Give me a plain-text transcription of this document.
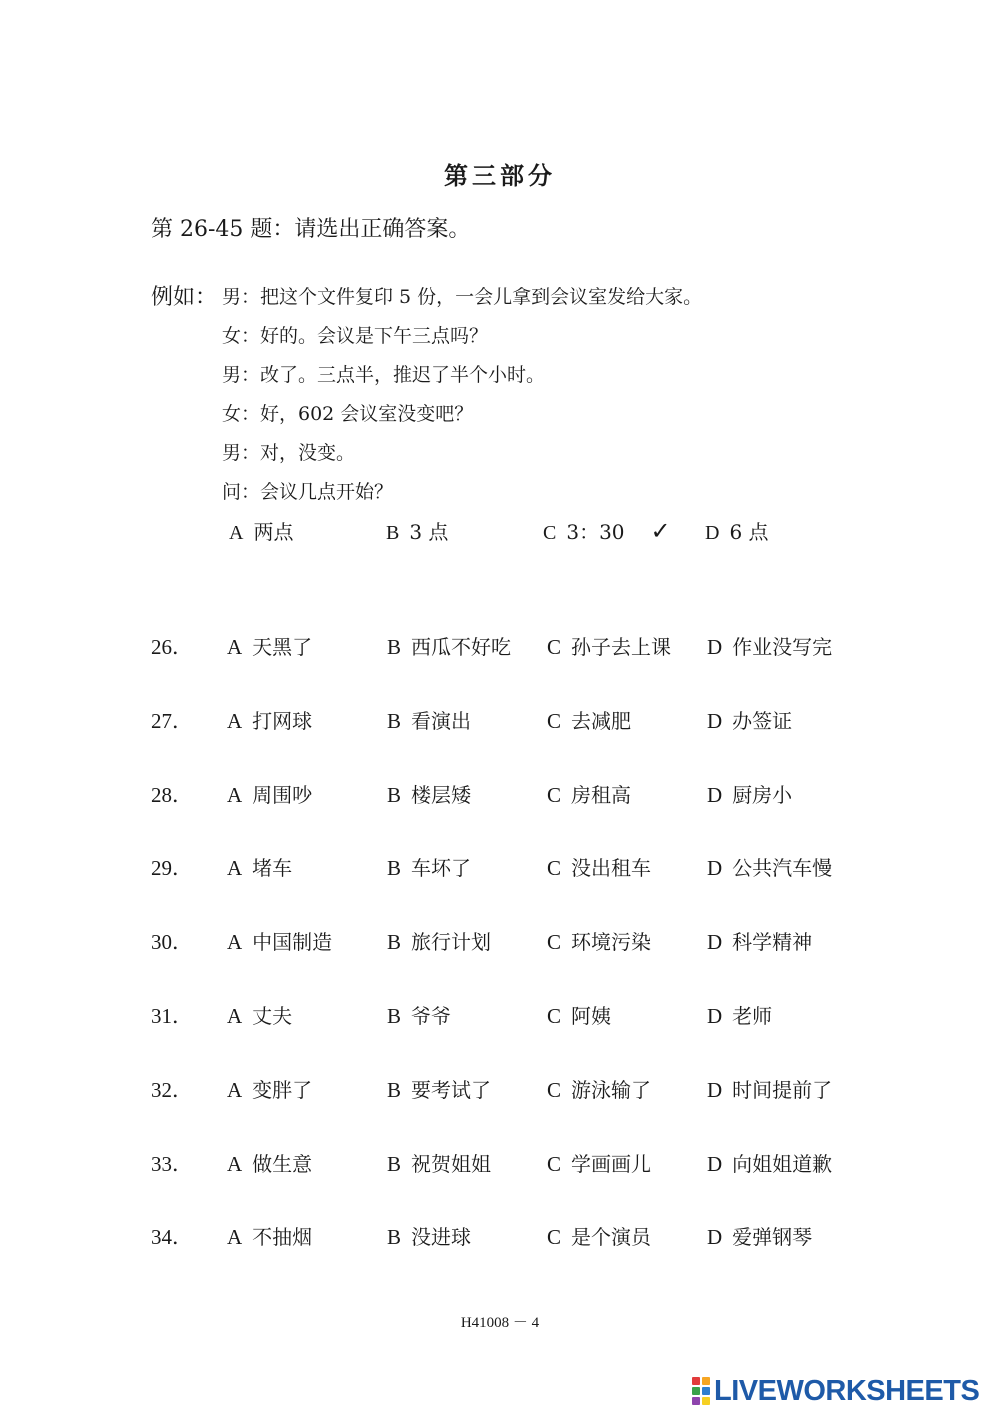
第三部分
第 26-45 题：请选出正确答案。
例如： 男：把这个文件复印 5 份，一会儿拿到会议室发给大家。
女：好的。会议是下午三点吗？
男：改了。三点半，推迟了半个小时。
女：好，602 会议室没变吧？
男：对，没变。
问：会议几点开始？
A 两点	B 3 点	C 3：30 ✓ D 6 点
26． A 天黑了	B 西瓜不好吃 C 孙子去上课 D 作业没写完
27． A 打网球	B 看演出	C 去减肥	D 办签证
28． A 周围吵	B 楼层矮	C 房租高	D 厨房小
29． A 堵车	B 车坏了	C 没出租车	D 公共汽车慢
30． A 中国制造	B 旅行计划	C 环境污染	D 科学精神
31． A 丈夫	B 爷爷	C 阿姨	D 老师
32． A 变胖了	B 要考试了	C 游泳输了	D 时间提前了
33． A 做生意	B 祝贺姐姐	C 学画画儿	D 向姐姐道歉
34． A 不抽烟	B 没进球	C 是个演员	D 爱弹钢琴
H41008 － 4
LIVEWORKSHEETS
